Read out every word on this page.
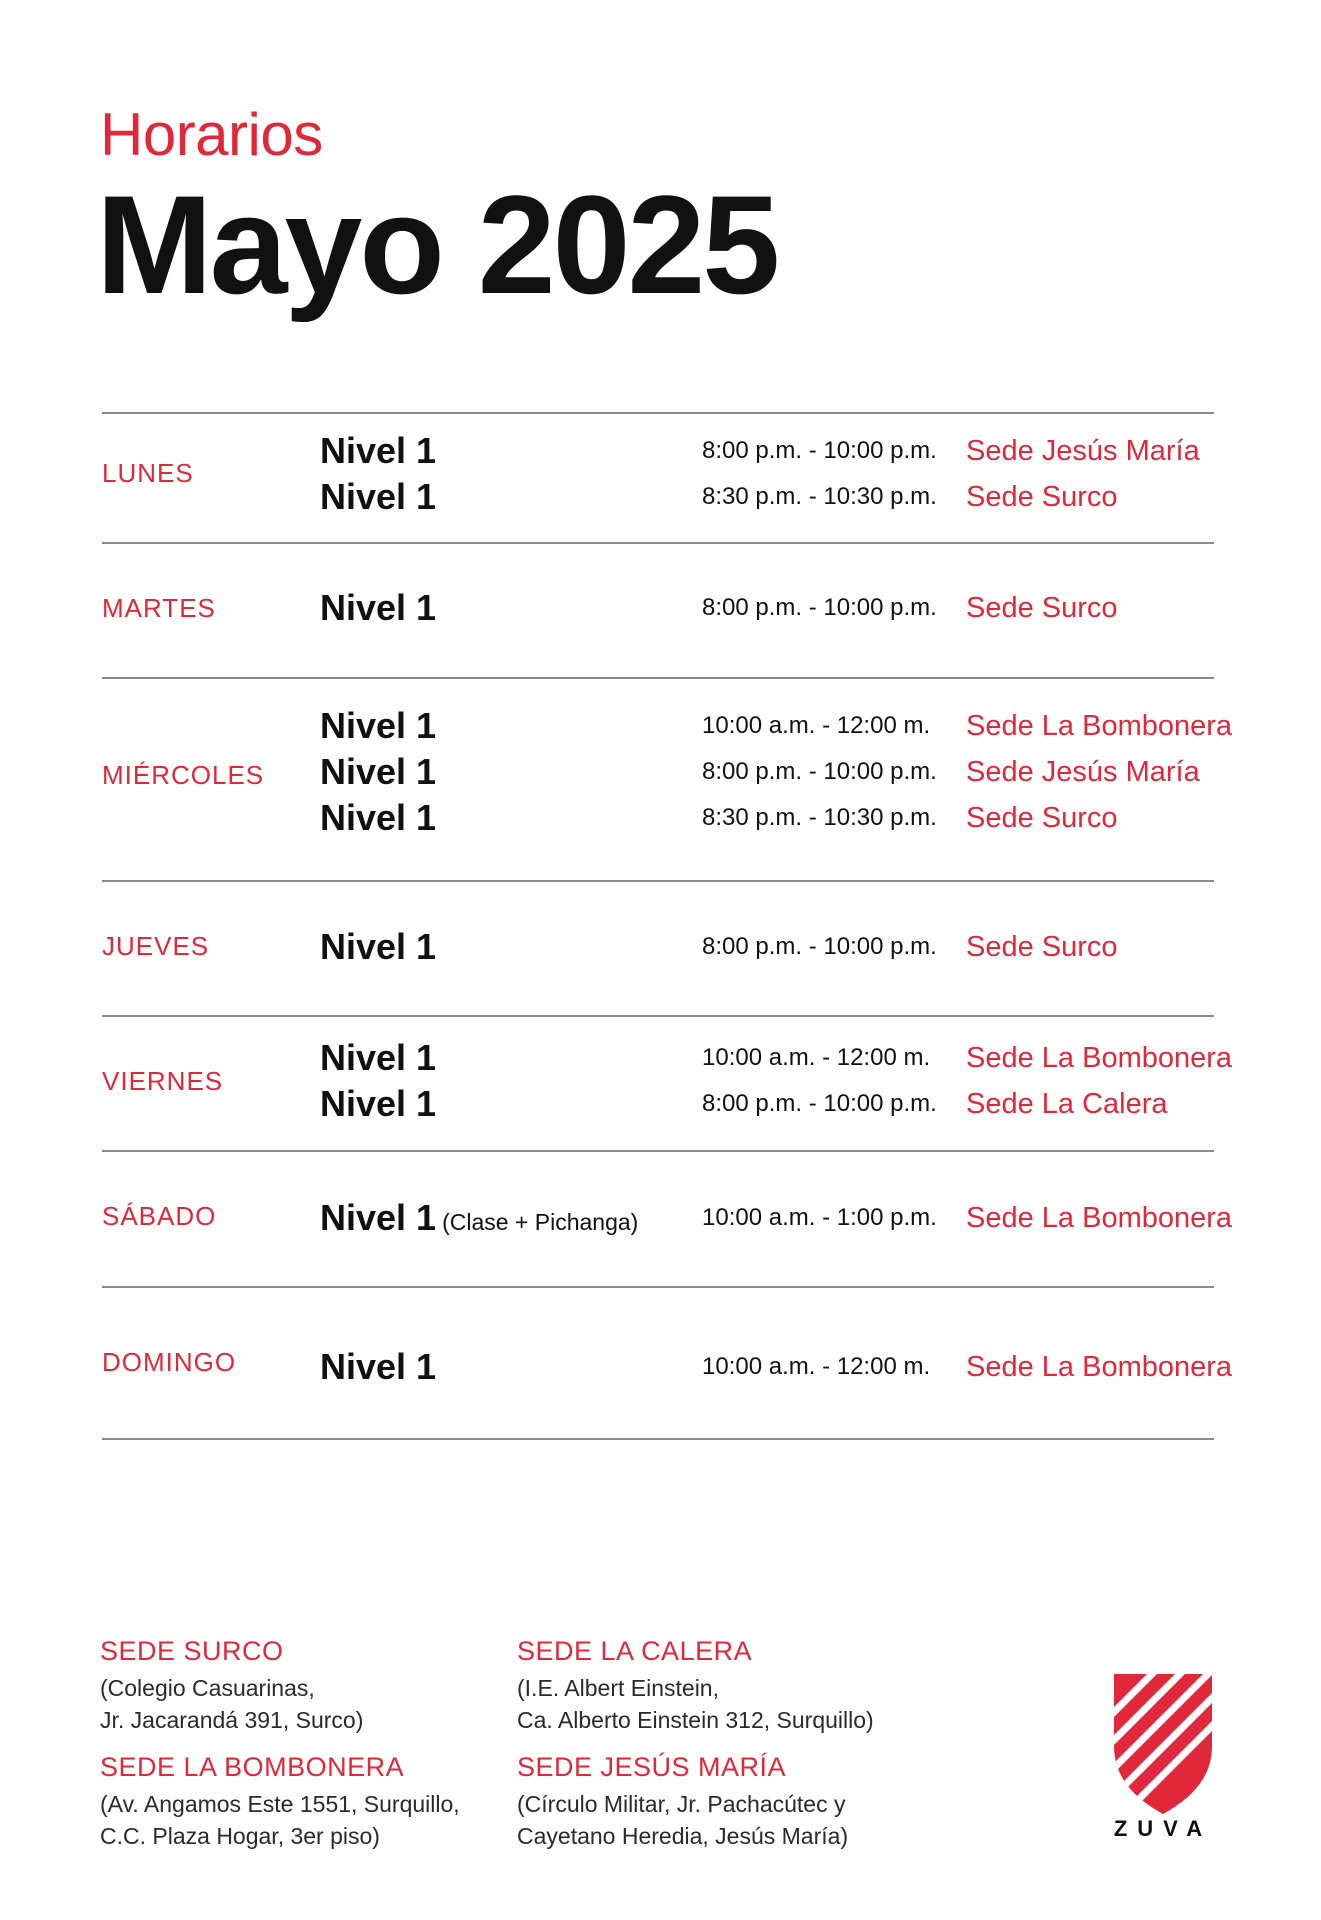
Horarios
Mayo 2025
LUNES
Nivel 1	8:00 p.m. - 10:00 p.m. Sede Jesús María
Nivel 1	8:30 p.m. - 10:30 p.m. Sede Surco
MARTES	Nivel 1	8:00 p.m. - 10:00 p.m. Sede Surco
MIÉRCOLES
Nivel 1	10:00 a.m. - 12:00 m. Sede La Bombonera
Nivel 1	8:00 p.m. - 10:00 p.m. Sede Jesús María
Nivel 1	8:30 p.m. - 10:30 p.m. Sede Surco
JUEVES	Nivel 1	8:00 p.m. - 10:00 p.m. Sede Surco
VIERNES
Nivel 1	10:00 a.m. - 12:00 m. Sede La Bombonera
Nivel 1	8:00 p.m. - 10:00 p.m. Sede La Calera
SÁBADO	Nivel 1 (Clase + Pichanga)	10:00 a.m. - 1:00 p.m. Sede La Bombonera
DOMINGO Nivel 1	10:00 a.m. - 12:00 m. Sede La Bombonera
SEDE SURCO
(Colegio Casuarinas,
Jr. Jacarandá 391, Surco)
SEDE LA BOMBONERA
(Av. Angamos Este 1551, Surquillo,
C.C. Plaza Hogar, 3er piso)
SEDE LA CALERA
(I.E. Albert Einstein,
Ca. Alberto Einstein 312, Surquillo)
SEDE JESÚS MARÍA
(Círculo Militar, Jr. Pachacútec y
Cayetano Heredia, Jesús María)	ZUVA
